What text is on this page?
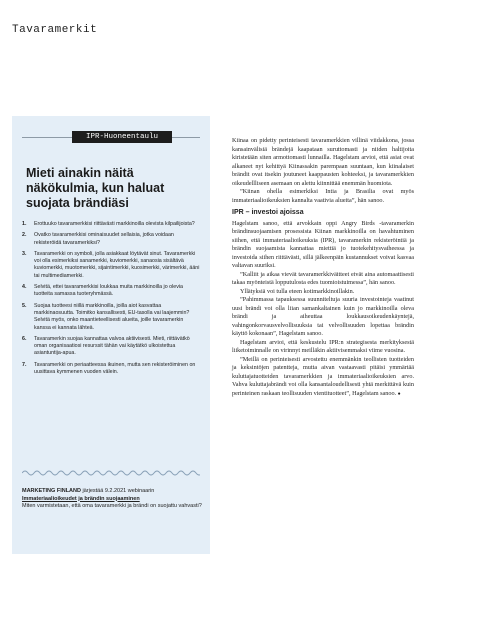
Tavaramerkit
IPR-Huoneentaulu
Mieti ainakin näitä näkökulmia, kun haluat suojata brändiäsi
1. Erottuuko tavaramerkkisi riittävästi markkinoilla olevista kilpailijoista?
2. Ovatko tavaramerkkisi ominaisuudet sellaisia, jotka voidaan rekisteröidä tavaramerkiksi?
3. Tavaramerkki on symboli, jolla asiakkaat löytävät sinut. Tavaramerkki voi olla esimerkiksi sanamerkki, kuviomerkki, sanaosia sisältävä kuviomerkki, muotomerkki, sijaintimerkki, kuosimerkki, värimerkki, ääni tai multimediamerkki.
4. Selvitä, ettei tavaramerkkisi loukkaa muita markkinoilla jo olevia tuotteita samassa tuoteryhmässä.
5. Suojaa tuotteesi niillä markkinoilla, joilla aiot kasvattaa markkinaosuutta. Toimitko kansallisesti, EU-tasolla vai laajemmin? Selvitä myös, onko maantieteellisesti alueita, joille tavaramerkin kanssa ei kannata lähteä.
6. Tavaramerkin suojaa kannattaa valvoa aktiivisesti. Mieti, riittävätkö oman organisaatiosi resurssit tähän vai käytätkö ulkoistettua asiantuntija-apua.
7. Tavaramerkki on periaatteessa ikuinen, mutta sen rekisteröiminen on uusittava kymmenen vuoden välein.
MARKETING FINLAND järjestää 9.2.2021 webinaarin
Immateriaalioikeudet ja brändin suojaaminen
Miten varmistetaan, että oma tavaramerkki ja brändi on suojattu vahvasti?

Kiinaa on pidetty perinteisesti tavaramerkkien villinä viidakkona, jossa kansainvälisiä brändejä kaapataan suruttomasti ja niiden haltijoita kiristetään siten armottomasti lunnailla. Hagelstam arvioi, että asiat ovat alkaneet nyt kehittyä Kiinassakin parempaan suuntaan, kun kiinalaiset brändit ovat itsekin joutuneet kaappausten kohteeksi, ja tavaramerkkien oikeudellliseen asemaan on alettu kiinnittää enemmän huomiota.

”Kiinan ohella esimerkiksi Intia ja Brasilia ovat myös immateriaalioikeuksien kannalta vaativia alueita”, hän sanoo.

IPR – investoi ajoissa

Hagelstam sanoo, että arvokkain oppi Angry Birds -tavaramerkin brändinsuojaamisen prosessista Kiinan markkinoilla on havahtuminen siihen, että immateriaalioikeuksia (IPR), tavaramerkin rekisteröintiä ja brändin suojaamista kannattaa miettiä jo tuotekehitysvaiheessa ja investoida siihen riittävästi, sillä jälkeenpäin kustannukset voivat kasvaa valtavan suuriksi.

”Kalliit ja aikaa vievät tavaramerkkiväitteet eivät aina automaattisesti takaa myönteistä lopputulosta edes tuomioistuimessa”, hän sanoo.

Yllätyksiä voi tulla eteen kotimarkkinoillakin.

”Pahimmassa tapauksessa suunniteltuja suuria investointeja vaatinut uusi brändi voi olla liian samankaltainen kuin jo markkinoilla oleva brändi ja aiheuttaa loukkausoikeudenkäyntejä, vahingonkorvausvelvollisuuksia tai velvollisuuden lopettaa brändin käyttö kokonaan”, Hagelstam sanoo.

Hagelstam arvioi, että keskustelu IPR:n strategisesta merkityksestä liiketoiminnalle on virinnyt meilläkin aktiivisemmaksi viime vuosina.

”Meillä on perinteisesti arvostettu enemmänkin teollisten tuotteiden ja keksintöjen patentteja, mutta aivan vastaavasti pitäisi ymmärtää kuluttajatuotteiden tavaramerkkien ja immateriaalioikeuksien arvo. Vahva kuluttajabrändi voi olla kansantaloudellisesti yhtä merkittävä kuin perinteinen raskaan teollisuuden vientituotteet”, Hagelstam sanoo. ●
